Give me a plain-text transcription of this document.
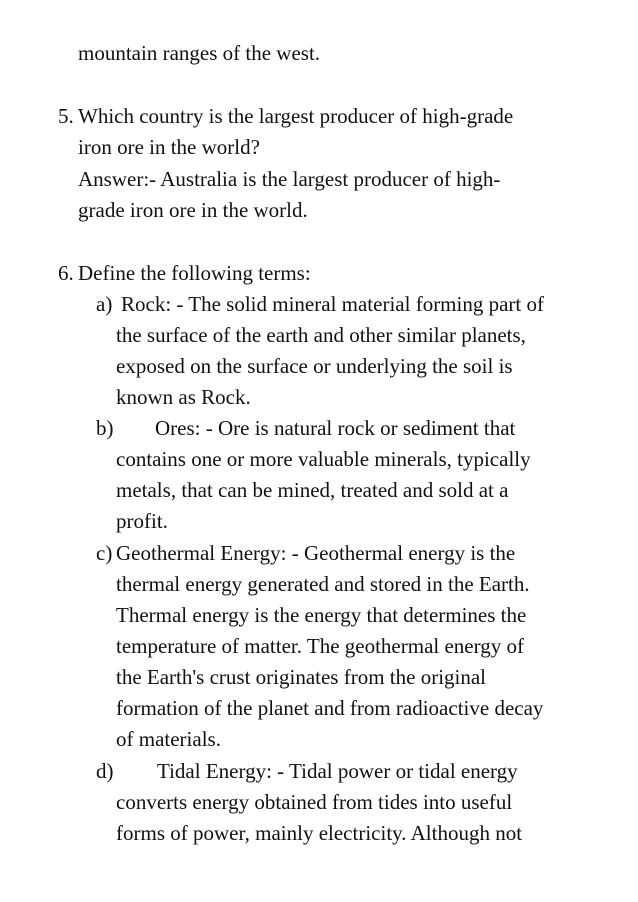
mountain ranges of the west.
5. Which country is the largest producer of high-grade
iron ore in the world?
Answer:- Australia is the largest producer of high-
grade iron ore in the world.
6. Define the following terms:
a) Rock: - The solid mineral material forming part of
the surface of the earth and other similar planets,
exposed on the surface or underlying the soil is
known as Rock.
b) Ores: - Ore is natural rock or sediment that
contains one or more valuable minerals, typically
metals, that can be mined, treated and sold at a
profit.
c) Geothermal Energy: - Geothermal energy is the
thermal energy generated and stored in the Earth.
Thermal energy is the energy that determines the
temperature of matter. The geothermal energy of
the Earth's crust originates from the original
formation of the planet and from radioactive decay
of materials.
d) Tidal Energy: - Tidal power or tidal energy
converts energy obtained from tides into useful
forms of power, mainly electricity. Although not
